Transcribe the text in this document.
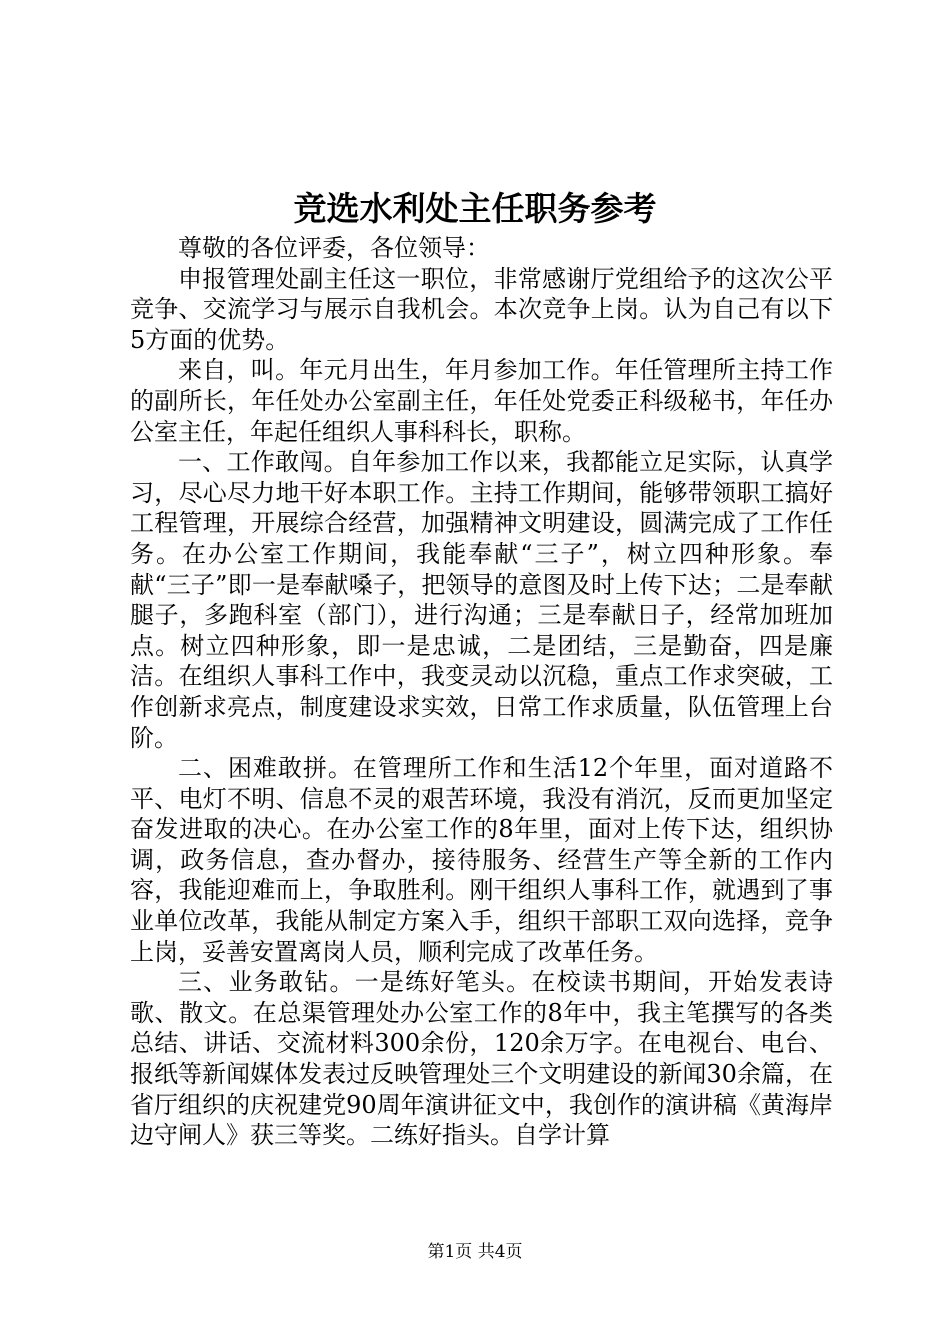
竞选水利处主任职务参考

尊敬的各位评委，各位领导：

申报管理处副主任这一职位，非常感谢厅党组给予的这次公平竞争、交流学习与展示自我机会。本次竞争上岗。认为自己有以下5方面的优势。

来自，叫。年元月出生，年月参加工作。年任管理所主持工作的副所长，年任处办公室副主任，年任处党委正科级秘书，年任办公室主任，年起任组织人事科科长，职称。

一、工作敢闯。自年参加工作以来，我都能立足实际，认真学习，尽心尽力地干好本职工作。主持工作期间，能够带领职工搞好工程管理，开展综合经营，加强精神文明建设，圆满完成了工作任务。在办公室工作期间，我能奉献“三子”，树立四种形象。奉献“三子”即一是奉献嗓子，把领导的意图及时上传下达；二是奉献腿子，多跑科室（部门），进行沟通；三是奉献日子，经常加班加点。树立四种形象，即一是忠诚，二是团结，三是勤奋，四是廉洁。在组织人事科工作中，我变灵动以沉稳，重点工作求突破，工作创新求亮点，制度建设求实效，日常工作求质量，队伍管理上台阶。

二、困难敢拼。在管理所工作和生活12个年里，面对道路不平、电灯不明、信息不灵的艰苦环境，我没有消沉，反而更加坚定奋发进取的决心。在办公室工作的8年里，面对上传下达，组织协调，政务信息，查办督办，接待服务、经营生产等全新的工作内容，我能迎难而上，争取胜利。刚干组织人事科工作，就遇到了事业单位改革，我能从制定方案入手，组织干部职工双向选择，竞争上岗，妥善安置离岗人员，顺利完成了改革任务。

三、业务敢钻。一是练好笔头。在校读书期间，开始发表诗歌、散文。在总渠管理处办公室工作的8年中，我主笔撰写的各类总结、讲话、交流材料300余份，120余万字。在电视台、电台、报纸等新闻媒体发表过反映管理处三个文明建设的新闻30余篇，在省厅组织的庆祝建党90周年演讲征文中，我创作的演讲稿《黄海岸边守闸人》获三等奖。二练好指头。自学计算

第1页 共4页
